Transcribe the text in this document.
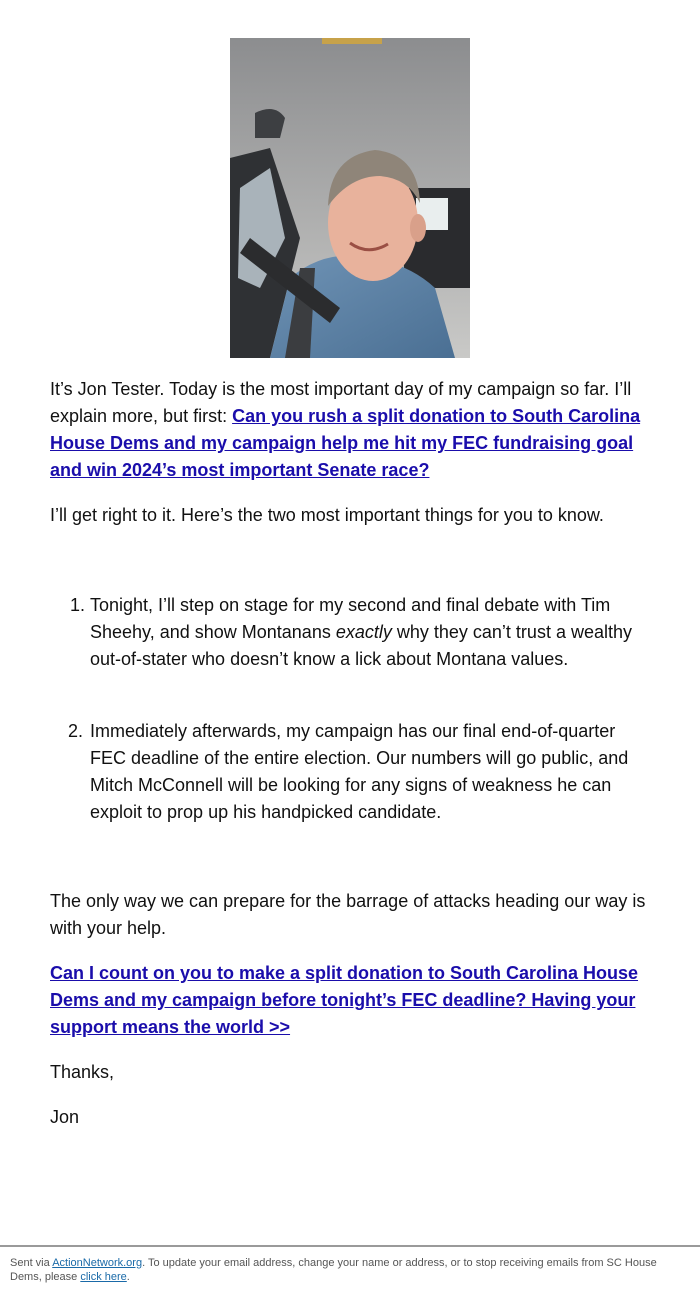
It’s Jon Tester. Today is the most important day of my campaign so far. I’ll explain more, but first: Can you rush a split donation to South Carolina House Dems and my campaign help me hit my FEC fundraising goal and win 2024’s most important Senate race?

I’ll get right to it. Here’s the two most important things for you to know.

1. Tonight, I’ll step on stage for my second and final debate with Tim Sheehy, and show Montanans exactly why they can’t trust a wealthy out-of-stater who doesn’t know a lick about Montana values.
2. Immediately afterwards, my campaign has our final end-of-quarter FEC deadline of the entire election. Our numbers will go public, and Mitch McConnell will be looking for any signs of weakness he can exploit to prop up his handpicked candidate.

The only way we can prepare for the barrage of attacks heading our way is with your help.

Can I count on you to make a split donation to South Carolina House Dems and my campaign before tonight’s FEC deadline? Having your support means the world >>

Thanks,

Jon

Sent via ActionNetwork.org. To update your email address, change your name or address, or to stop receiving emails from SC House Dems, please click here.
